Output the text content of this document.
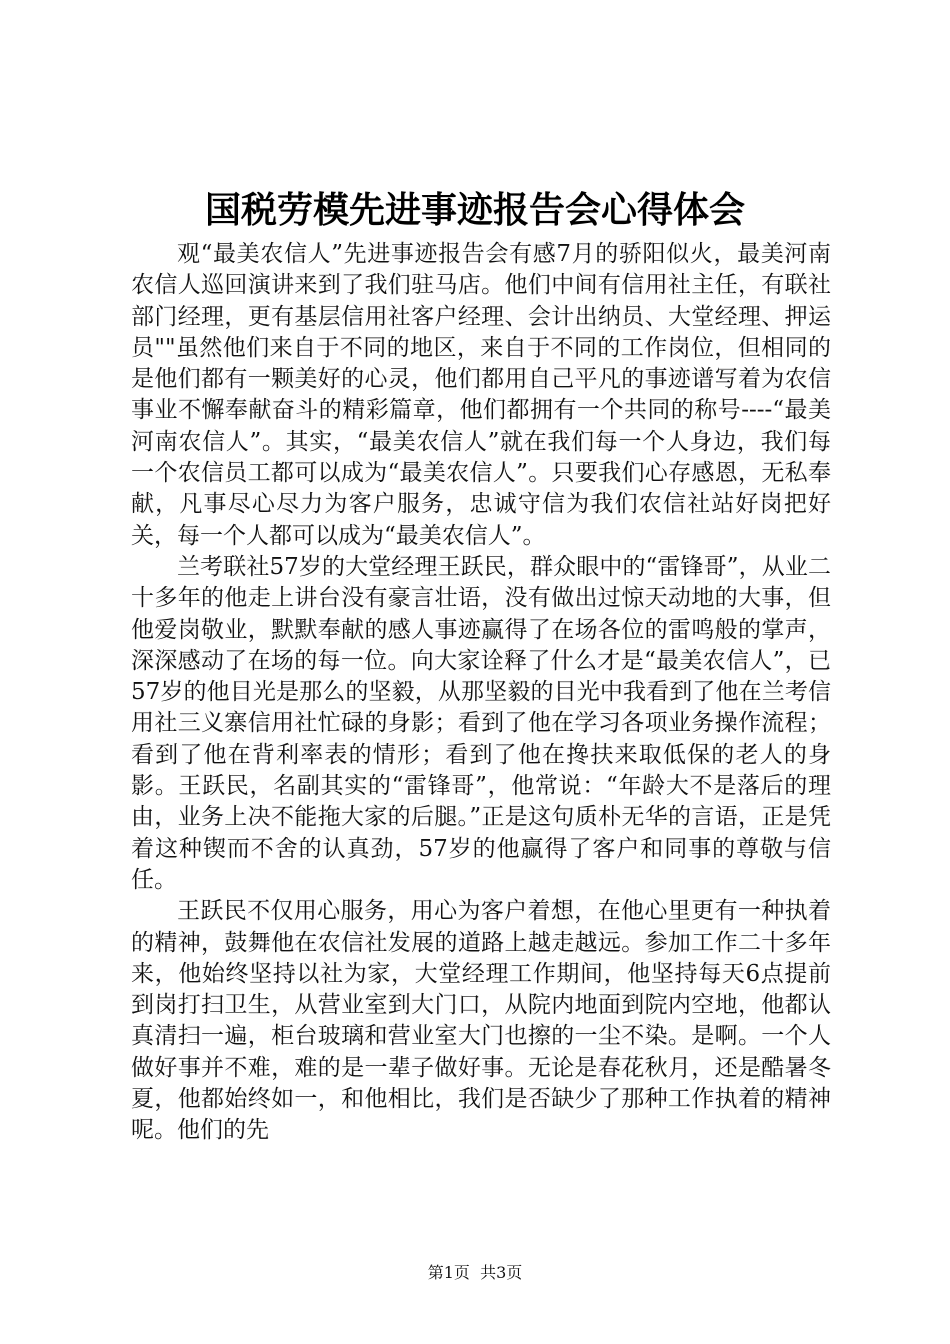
国税劳模先进事迹报告会心得体会

观“最美农信人”先进事迹报告会有感7月的骄阳似火，最美河南农信人巡回演讲来到了我们驻马店。他们中间有信用社主任，有联社部门经理，更有基层信用社客户经理、会计出纳员、大堂经理、押运员""虽然他们来自于不同的地区，来自于不同的工作岗位，但相同的是他们都有一颗美好的心灵，他们都用自己平凡的事迹谱写着为农信事业不懈奉献奋斗的精彩篇章，他们都拥有一个共同的称号----“最美河南农信人”。其实，“最美农信人”就在我们每一个人身边，我们每一个农信员工都可以成为“最美农信人”。只要我们心存感恩，无私奉献，凡事尽心尽力为客户服务，忠诚守信为我们农信社站好岗把好关，每一个人都可以成为“最美农信人”。

兰考联社57岁的大堂经理王跃民，群众眼中的“雷锋哥”，从业二十多年的他走上讲台没有豪言壮语，没有做出过惊天动地的大事，但他爱岗敬业，默默奉献的感人事迹赢得了在场各位的雷鸣般的掌声，深深感动了在场的每一位。向大家诠释了什么才是“最美农信人”，已57岁的他目光是那么的坚毅，从那坚毅的目光中我看到了他在兰考信用社三义寨信用社忙碌的身影；看到了他在学习各项业务操作流程；看到了他在背利率表的情形；看到了他在搀扶来取低保的老人的身影。王跃民，名副其实的“雷锋哥”，他常说：“年龄大不是落后的理由，业务上决不能拖大家的后腿。”正是这句质朴无华的言语，正是凭着这种锲而不舍的认真劲，57岁的他赢得了客户和同事的尊敬与信任。

王跃民不仅用心服务，用心为客户着想，在他心里更有一种执着的精神，鼓舞他在农信社发展的道路上越走越远。参加工作二十多年来，他始终坚持以社为家，大堂经理工作期间，他坚持每天6点提前到岗打扫卫生，从营业室到大门口，从院内地面到院内空地，他都认真清扫一遍，柜台玻璃和营业室大门也擦的一尘不染。是啊。一个人做好事并不难，难的是一辈子做好事。无论是春花秋月，还是酷暑冬夏，他都始终如一，和他相比，我们是否缺少了那种工作执着的精神呢。他们的先

第1页  共3页
